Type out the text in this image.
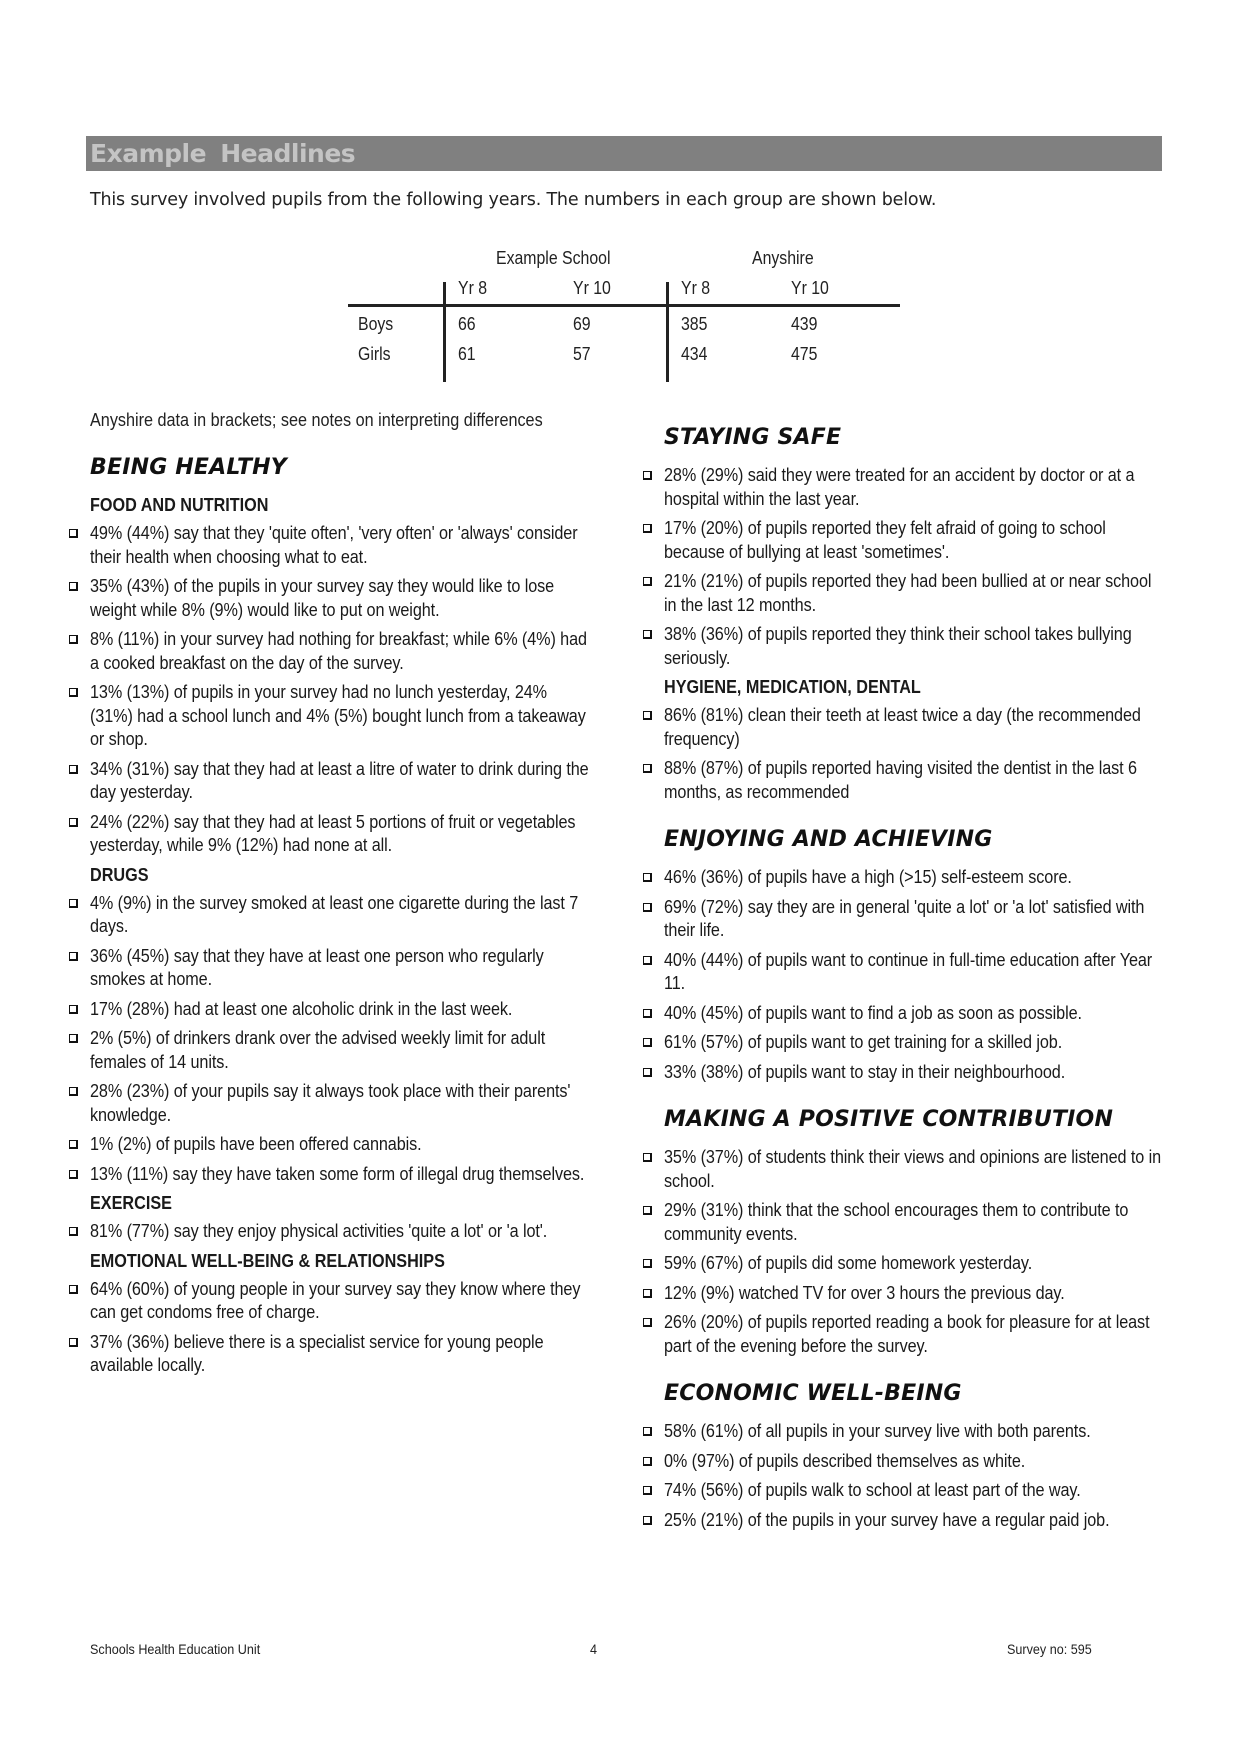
Example Headlines
This survey involved pupils from the following years. The numbers in each group are shown below.
Example School	Anyshire
Yr 8	Yr 10	Yr 8	Yr 10
Boys	66	69	385	439
Girls	61	57	434	475
Anyshire data in brackets; see notes on interpreting differences
BEING HEALTHY
FOOD AND NUTRITION
49% (44%) say that they 'quite often', 'very often' or 'always' consider their health when choosing what to eat.
35% (43%) of the pupils in your survey say they would like to lose weight while 8% (9%) would like to put on weight.
8% (11%) in your survey had nothing for breakfast; while 6% (4%) had a cooked breakfast on the day of the survey.
13% (13%) of pupils in your survey had no lunch yesterday, 24% (31%) had a school lunch and 4% (5%) bought lunch from a takeaway or shop.
34% (31%) say that they had at least a litre of water to drink during the day yesterday.
24% (22%) say that they had at least 5 portions of fruit or vegetables yesterday, while 9% (12%) had none at all.
DRUGS
4% (9%) in the survey smoked at least one cigarette during the last 7 days.
36% (45%) say that they have at least one person who regularly smokes at home.
17% (28%) had at least one alcoholic drink in the last week.
2% (5%) of drinkers drank over the advised weekly limit for adult females of 14 units.
28% (23%) of your pupils say it always took place with their parents' knowledge.
1% (2%) of pupils have been offered cannabis.
13% (11%) say they have taken some form of illegal drug themselves.
EXERCISE
81% (77%) say they enjoy physical activities 'quite a lot' or 'a lot'.
EMOTIONAL WELL-BEING & RELATIONSHIPS
64% (60%) of young people in your survey say they know where they can get condoms free of charge.
37% (36%) believe there is a specialist service for young people available locally.
STAYING SAFE
28% (29%) said they were treated for an accident by doctor or at a hospital within the last year.
17% (20%) of pupils reported they felt afraid of going to school because of bullying at least 'sometimes'.
21% (21%) of pupils reported they had been bullied at or near school in the last 12 months.
38% (36%) of pupils reported they think their school takes bullying seriously.
HYGIENE, MEDICATION, DENTAL
86% (81%) clean their teeth at least twice a day (the recommended frequency)
88% (87%) of pupils reported having visited the dentist in the last 6 months, as recommended
ENJOYING AND ACHIEVING
46% (36%) of pupils have a high (>15) self-esteem score.
69% (72%) say they are in general 'quite a lot' or 'a lot' satisfied with their life.
40% (44%) of pupils want to continue in full-time education after Year 11.
40% (45%) of pupils want to find a job as soon as possible.
61% (57%) of pupils want to get training for a skilled job.
33% (38%) of pupils want to stay in their neighbourhood.
MAKING A POSITIVE CONTRIBUTION
35% (37%) of students think their views and opinions are listened to in school.
29% (31%) think that the school encourages them to contribute to community events.
59% (67%) of pupils did some homework yesterday.
12% (9%) watched TV for over 3 hours the previous day.
26% (20%) of pupils reported reading a book for pleasure for at least part of the evening before the survey.
ECONOMIC WELL-BEING
58% (61%) of all pupils in your survey live with both parents.
0% (97%) of pupils described themselves as white.
74% (56%) of pupils walk to school at least part of the way.
25% (21%) of the pupils in your survey have a regular paid job.
Schools Health Education Unit	4	Survey no: 595
